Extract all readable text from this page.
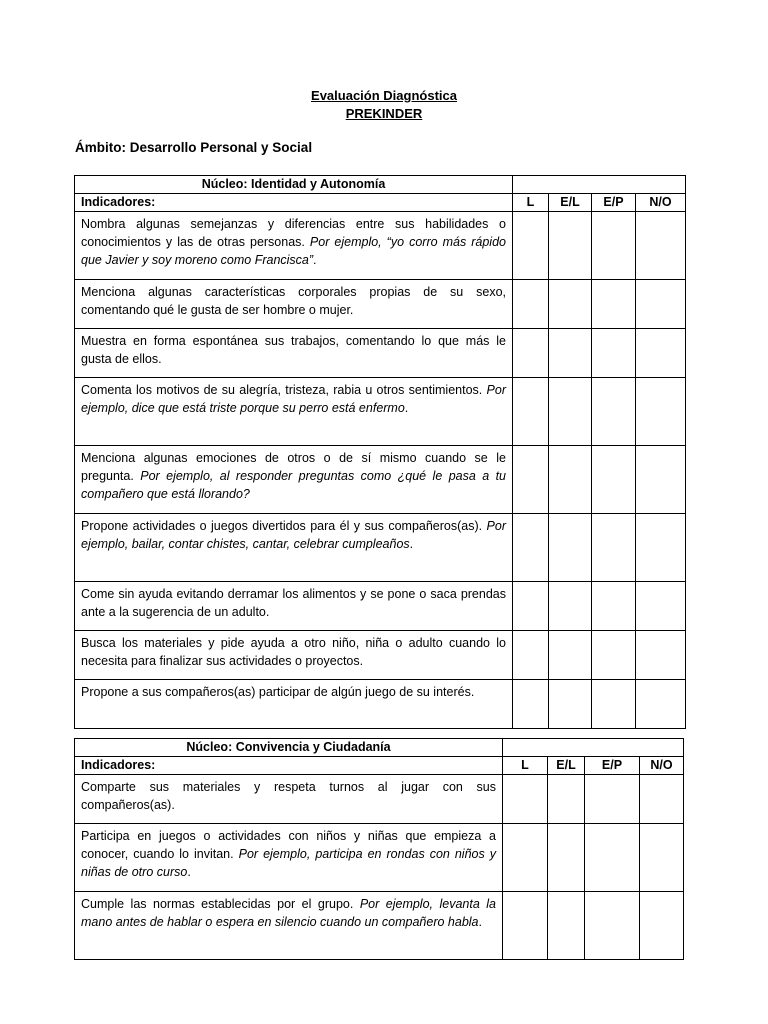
Evaluación Diagnóstica
PREKINDER
Ámbito: Desarrollo Personal y Social
Núcleo: Identidad y Autonomía				
Indicadores:	L	E/L	E/P	N/O
Nombra algunas semejanzas y diferencias entre sus habilidades o conocimientos y las de otras personas. Por ejemplo, “yo corro más rápido que Javier y soy moreno como Francisca”.				
Menciona algunas características corporales propias de su sexo, comentando qué le gusta de ser hombre o mujer.				
Muestra en forma espontánea sus trabajos, comentando lo que más le gusta de ellos.				
Comenta los motivos de su alegría, tristeza, rabia u otros sentimientos. Por ejemplo, dice que está triste porque su perro está enfermo.				
Menciona algunas emociones de otros o de sí mismo cuando se le pregunta. Por ejemplo, al responder preguntas como ¿qué le pasa a tu compañero que está llorando?				
Propone actividades o juegos divertidos para él y sus compañeros(as). Por ejemplo, bailar, contar chistes, cantar, celebrar cumpleaños.				
Come sin ayuda evitando derramar los alimentos y se pone o saca prendas ante a la sugerencia de un adulto.				
Busca los materiales y pide ayuda a otro niño, niña o adulto cuando lo necesita para finalizar sus actividades o proyectos.				
Propone a sus compañeros(as) participar de algún juego de su interés.				
Núcleo: Convivencia y Ciudadanía				
Indicadores:	L	E/L	E/P	N/O
Comparte sus materiales y respeta turnos al jugar con sus compañeros(as).				
Participa en juegos o actividades con niños y niñas que empieza a conocer, cuando lo invitan. Por ejemplo, participa en rondas con niños y niñas de otro curso.				
Cumple las normas establecidas por el grupo. Por ejemplo, levanta la mano antes de hablar o espera en silencio cuando un compañero habla.				
